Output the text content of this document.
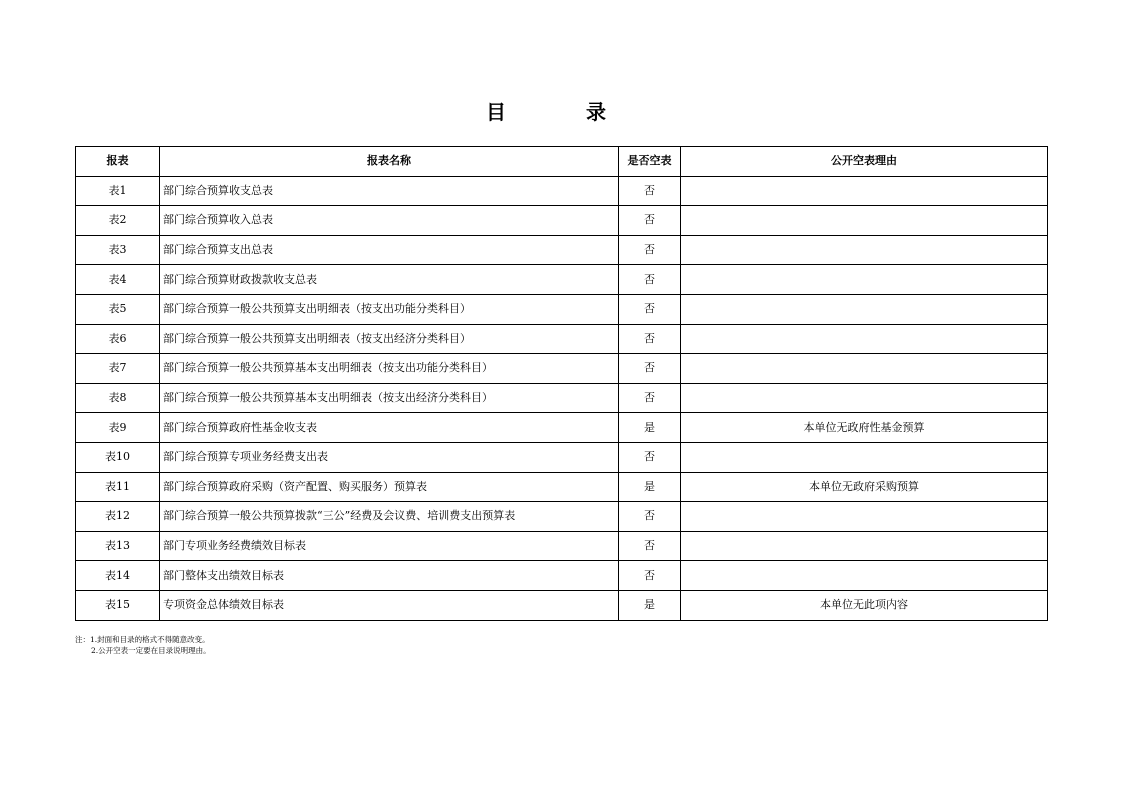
目　录
报表	报表名称	是否空表	公开空表理由
表1	部门综合预算收支总表	否	
表2	部门综合预算收入总表	否	
表3	部门综合预算支出总表	否	
表4	部门综合预算财政拨款收支总表	否	
表5	部门综合预算一般公共预算支出明细表（按支出功能分类科目）	否	
表6	部门综合预算一般公共预算支出明细表（按支出经济分类科目）	否	
表7	部门综合预算一般公共预算基本支出明细表（按支出功能分类科目）	否	
表8	部门综合预算一般公共预算基本支出明细表（按支出经济分类科目）	否	
表9	部门综合预算政府性基金收支表	是	本单位无政府性基金预算
表10	部门综合预算专项业务经费支出表	否	
表11	部门综合预算政府采购（资产配置、购买服务）预算表	是	本单位无政府采购预算
表12	部门综合预算一般公共预算拨款“三公”经费及会议费、培训费支出预算表	否	
表13	部门专项业务经费绩效目标表	否	
表14	部门整体支出绩效目标表	否	
表15	专项资金总体绩效目标表	是	本单位无此项内容
注：1.封面和目录的格式不得随意改变。
2.公开空表一定要在目录说明理由。
